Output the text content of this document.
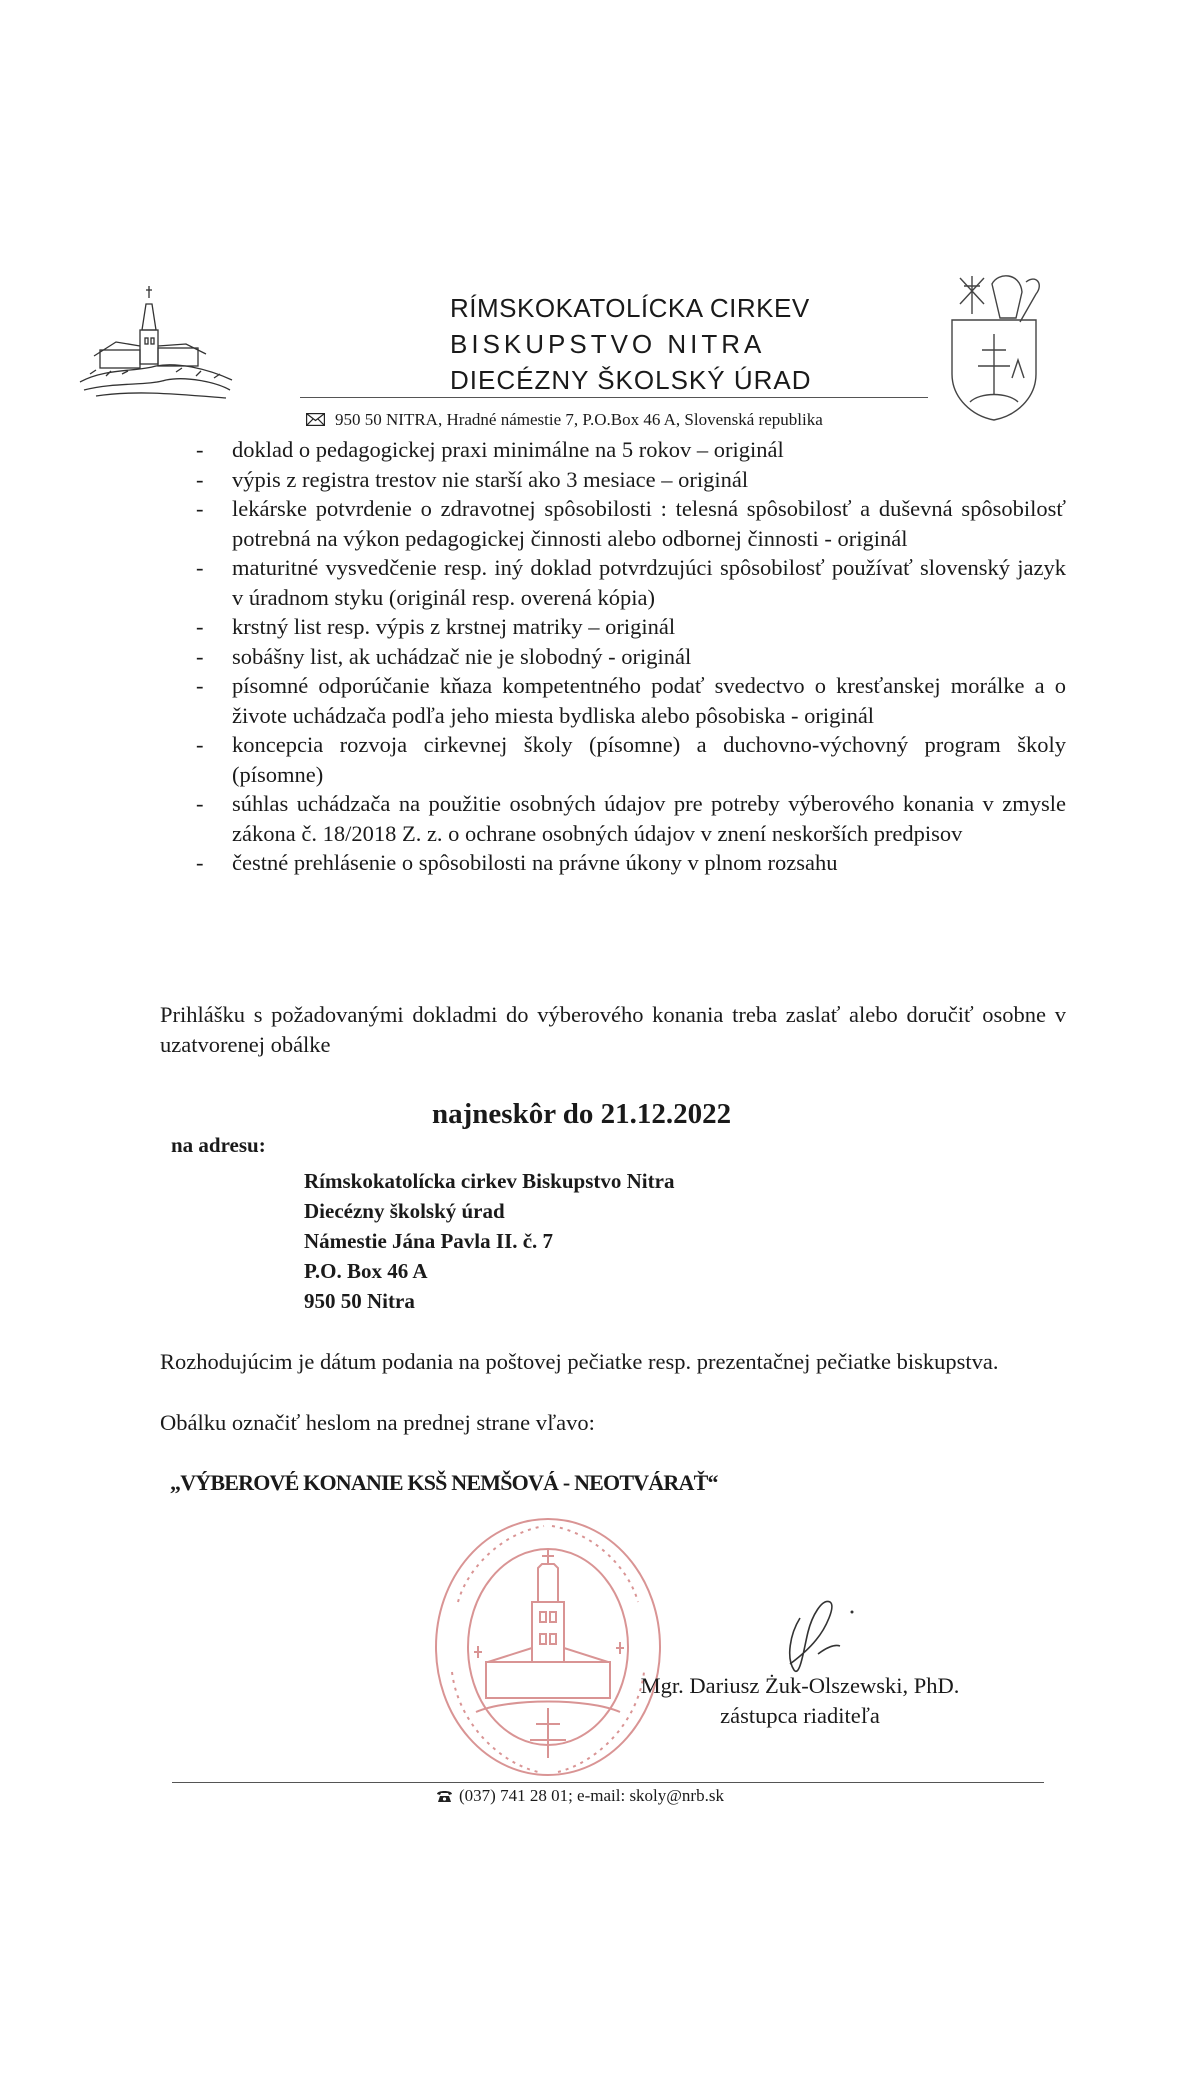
RÍMSKOKATOLÍCKA CIRKEV
BISKUPSTVO NITRA
DIECÉZNY ŠKOLSKÝ ÚRAD
950 50 NITRA, Hradné námestie 7, P.O.Box 46 A, Slovenská republika
- doklad o pedagogickej praxi minimálne na 5 rokov – originál
- výpis z registra trestov nie starší ako 3 mesiace – originál
- lekárske potvrdenie o zdravotnej spôsobilosti : telesná spôsobilosť a duševná spôsobilosť potrebná na výkon pedagogickej činnosti alebo odbornej činnosti - originál
- maturitné vysvedčenie resp. iný doklad potvrdzujúci spôsobilosť používať slovenský jazyk v úradnom styku (originál resp. overená kópia)
- krstný list resp. výpis z krstnej matriky – originál
- sobášny list, ak uchádzač nie je slobodný - originál
- písomné odporúčanie kňaza kompetentného podať svedectvo o kresťanskej morálke a o živote uchádzača podľa jeho miesta bydliska alebo pôsobiska - originál
- koncepcia rozvoja cirkevnej školy (písomne) a duchovno-výchovný program školy (písomne)
- súhlas uchádzača na použitie osobných údajov pre potreby výberového konania v zmysle zákona č. 18/2018 Z. z. o ochrane osobných údajov v znení neskorších predpisov
- čestné prehlásenie o spôsobilosti na právne úkony v plnom rozsahu
Prihlášku s požadovanými dokladmi do výberového konania treba zaslať alebo doručiť osobne v uzatvorenej obálke
najneskôr do 21.12.2022
na adresu:
Rímskokatolícka cirkev Biskupstvo Nitra
Diecézny školský úrad
Námestie Jána Pavla II. č. 7
P.O. Box 46 A
950 50 Nitra
Rozhodujúcim je dátum podania na poštovej pečiatke resp. prezentačnej pečiatke biskupstva.
Obálku označiť heslom na prednej strane vľavo:
„VÝBEROVÉ KONANIE KSŠ NEMŠOVÁ - NEOTVÁRAŤ“
Mgr. Dariusz Żuk-Olszewski, PhD.
zástupca riaditeľa
(037) 741 28 01; e-mail: skoly@nrb.sk
